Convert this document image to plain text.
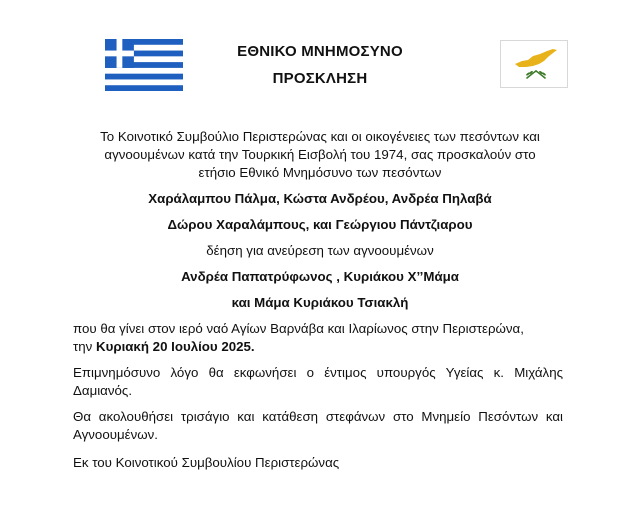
ΕΘΝΙΚΟ ΜΝΗΜΟΣΥΝΟ
ΠΡΟΣΚΛΗΣΗ
Το Κοινοτικό Συμβούλιο Περιστερώνας και οι οικογένειες των πεσόντων και
αγνοουμένων κατά την Τουρκική Εισβολή του 1974, σας προσκαλούν στο
ετήσιο Εθνικό Μνημόσυνο των πεσόντων
Χαράλαμπου Πάλμα, Κώστα Ανδρέου, Ανδρέα Πηλαβά
Δώρου Χαραλάμπους, και Γεώργιου Πάντζιαρου
δέηση για ανεύρεση των αγνοουμένων
Ανδρέα Παπατρύφωνος , Κυριάκου Χ’’Μάμα
και Μάμα Κυριάκου Τσιακλή
που θα γίνει στον ιερό ναό Αγίων Βαρνάβα και Ιλαρίωνος στην Περιστερώνα,
την Κυριακή 20 Ιουλίου 2025.
Επιμνημόσυνο λόγο θα εκφωνήσει ο έντιμος υπουργός Υγείας κ. Μιχάλης Δαμιανός.
Θα ακολουθήσει τρισάγιο και κατάθεση στεφάνων στο Μνημείο Πεσόντων και Αγνοουμένων.
Εκ του Κοινοτικού Συμβουλίου Περιστερώνας
